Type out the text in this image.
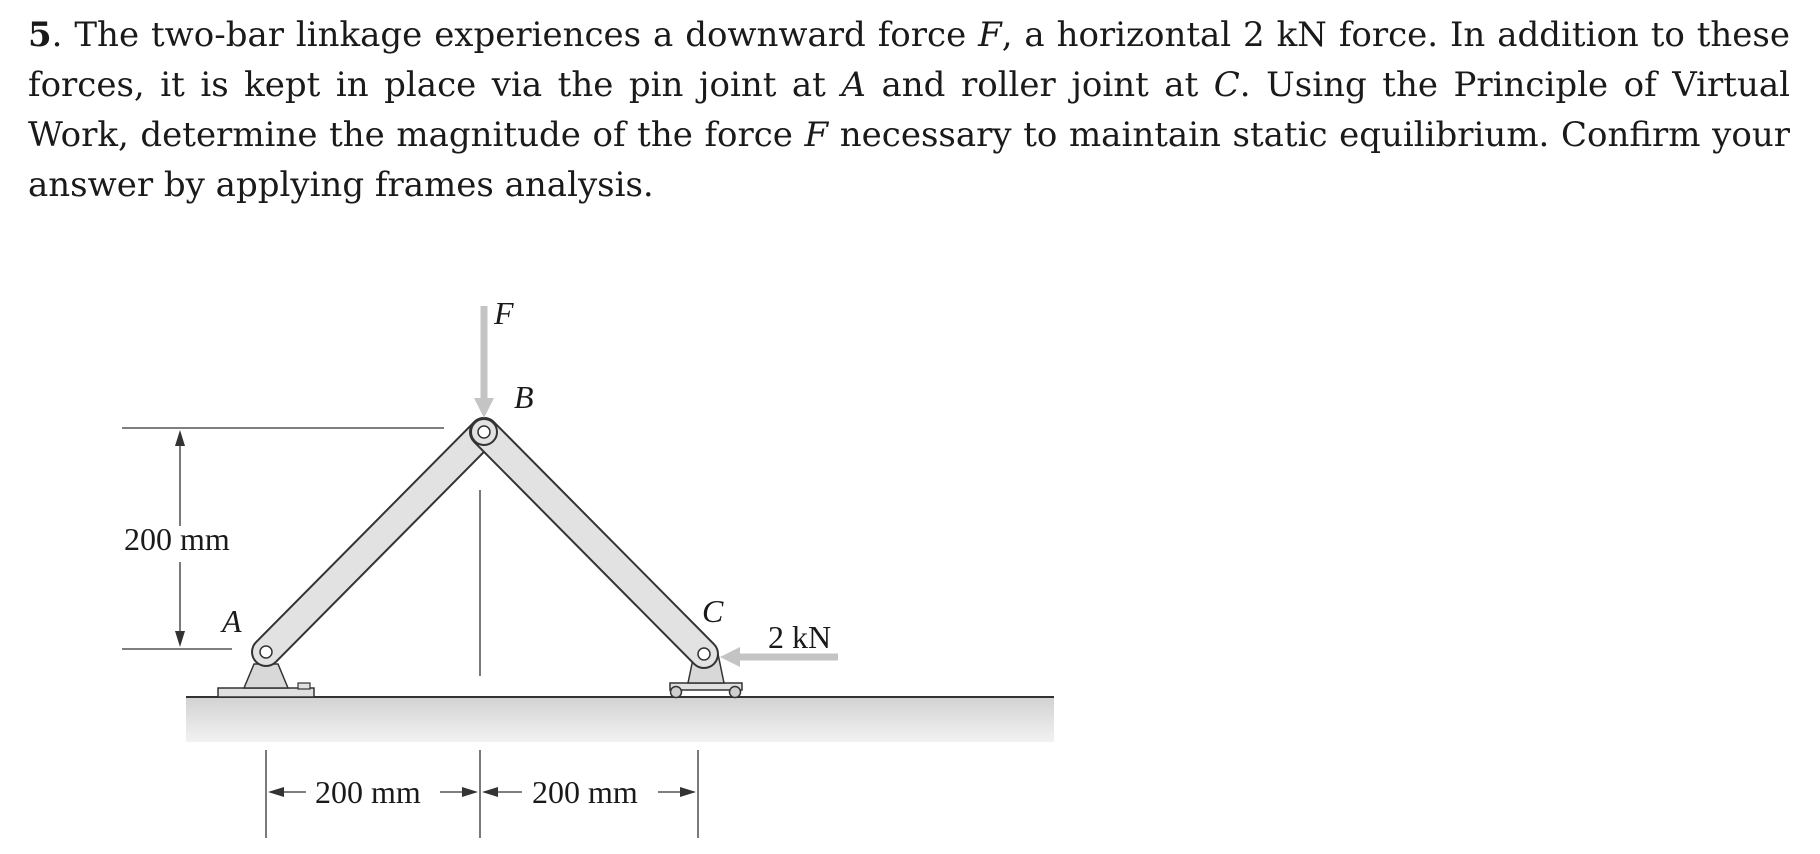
5. The two-bar linkage experiences a downward force F, a horizontal 2 kN force. In addition to these forces, it is kept in place via the pin joint at A and roller joint at C. Using the Principle of Virtual Work, determine the magnitude of the force F necessary to maintain static equilibrium. Confirm your answer by applying frames analysis.

F
B
A	C
2 kN
200 mm
200 mm	200 mm
